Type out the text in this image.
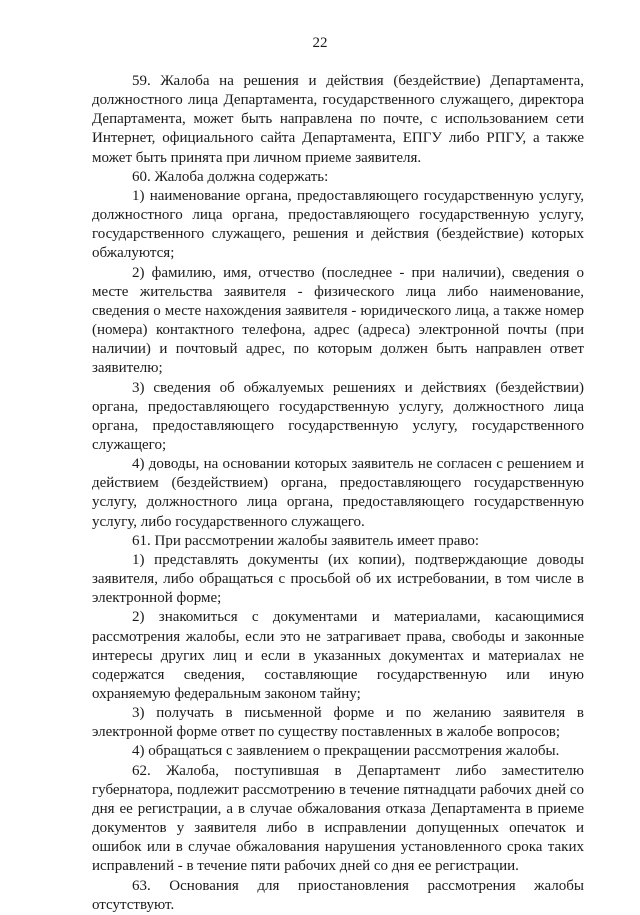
22

59. Жалоба на решения и действия (бездействие) Департамента, должностного лица Департамента, государственного служащего, директора Департамента, может быть направлена по почте, с использованием сети Интернет, официального сайта Департамента, ЕПГУ либо РПГУ, а также может быть принята при личном приеме заявителя.

60. Жалоба должна содержать:

1) наименование органа, предоставляющего государственную услугу, должностного лица органа, предоставляющего государственную услугу, государственного служащего, решения и действия (бездействие) которых обжалуются;

2) фамилию, имя, отчество (последнее - при наличии), сведения о месте жительства заявителя - физического лица либо наименование, сведения о месте нахождения заявителя - юридического лица, а также номер (номера) контактного телефона, адрес (адреса) электронной почты (при наличии) и почтовый адрес, по которым должен быть направлен ответ заявителю;

3) сведения об обжалуемых решениях и действиях (бездействии) органа, предоставляющего государственную услугу, должностного лица органа, предоставляющего государственную услугу, государственного служащего;

4) доводы, на основании которых заявитель не согласен с решением и действием (бездействием) органа, предоставляющего государственную услугу, должностного лица органа, предоставляющего государственную услугу, либо государственного служащего.

61. При рассмотрении жалобы заявитель имеет право:

1) представлять документы (их копии), подтверждающие доводы заявителя, либо обращаться с просьбой об их истребовании, в том числе в электронной форме;

2) знакомиться с документами и материалами, касающимися рассмотрения жалобы, если это не затрагивает права, свободы и законные интересы других лиц и если в указанных документах и материалах не содержатся сведения, составляющие государственную или иную охраняемую федеральным законом тайну;

3) получать в письменной форме и по желанию заявителя в электронной форме ответ по существу поставленных в жалобе вопросов;

4) обращаться с заявлением о прекращении рассмотрения жалобы.

62. Жалоба, поступившая в Департамент либо заместителю губернатора, подлежит рассмотрению в течение пятнадцати рабочих дней со дня ее регистрации, а в случае обжалования отказа Департамента в приеме документов у заявителя либо в исправлении допущенных опечаток и ошибок или в случае обжалования нарушения установленного срока таких исправлений - в течение пяти рабочих дней со дня ее регистрации.

63. Основания для приостановления рассмотрения жалобы отсутствуют.
